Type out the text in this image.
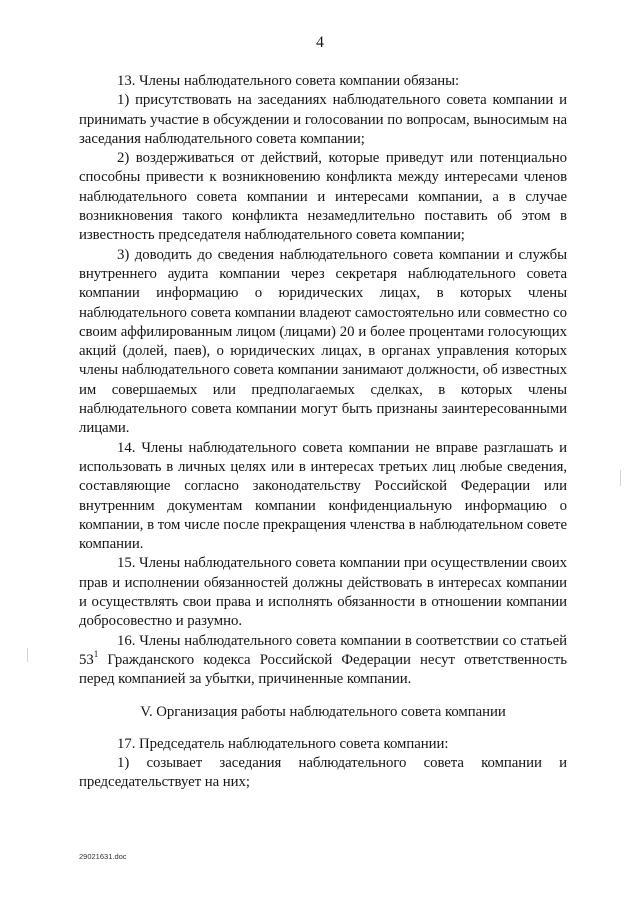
4

13. Члены наблюдательного совета компании обязаны:

1) присутствовать на заседаниях наблюдательного совета компании и принимать участие в обсуждении и голосовании по вопросам, выносимым на заседания наблюдательного совета компании;

2) воздерживаться от действий, которые приведут или потенциально способны привести к возникновению конфликта между интересами членов наблюдательного совета компании и интересами компании, а в случае возникновения такого конфликта незамедлительно поставить об этом в известность председателя наблюдательного совета компании;

3) доводить до сведения наблюдательного совета компании и службы внутреннего аудита компании через секретаря наблюдательного совета компании информацию о юридических лицах, в которых члены наблюдательного совета компании владеют самостоятельно или совместно со своим аффилированным лицом (лицами) 20 и более процентами голосующих акций (долей, паев), о юридических лицах, в органах управления которых члены наблюдательного совета компании занимают должности, об известных им совершаемых или предполагаемых сделках, в которых члены наблюдательного совета компании могут быть признаны заинтересованными лицами.

14. Члены наблюдательного совета компании не вправе разглашать и использовать в личных целях или в интересах третьих лиц любые сведения, составляющие согласно законодательству Российской Федерации или внутренним документам компании конфиденциальную информацию о компании, в том числе после прекращения членства в наблюдательном совете компании.

15. Члены наблюдательного совета компании при осуществлении своих прав и исполнении обязанностей должны действовать в интересах компании и осуществлять свои права и исполнять обязанности в отношении компании добросовестно и разумно.

16. Члены наблюдательного совета компании в соответствии со статьей $53^1$ Гражданского кодекса Российской Федерации несут ответственность перед компанией за убытки, причиненные компании.

V. Организация работы наблюдательного совета компании

17. Председатель наблюдательного совета компании:

1) созывает заседания наблюдательного совета компании и председательствует на них;

29021631.doc
